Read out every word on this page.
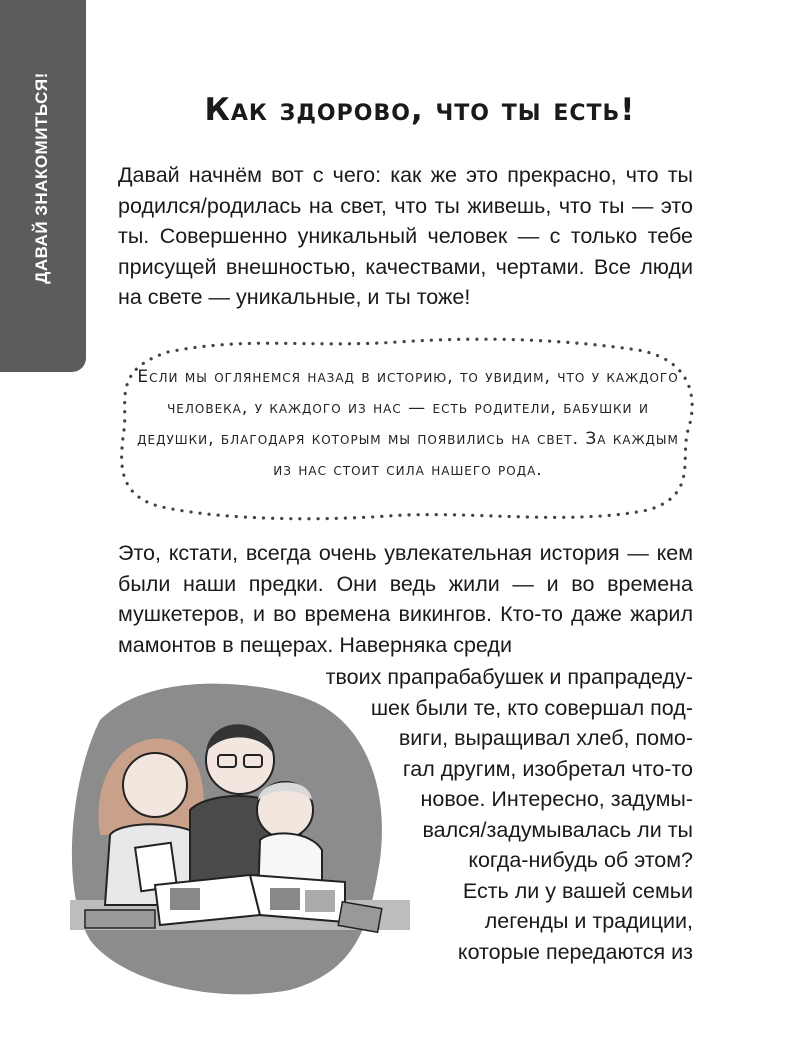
ДАВАЙ ЗНАКОМИТЬСЯ!	Как здорово, что ты есть!
Давай начнём вот с чего: как же это прекрасно, что ты родился/родилась на свет, что ты живешь, что ты — это ты. Совершенно уникальный человек — с только тебе присущей внешностью, качествами, чертами. Все люди на свете — уникальные, и ты тоже!
Если мы оглянемся назад в историю, то увидим, что у каждого человека, у каждого из нас — есть родители, бабушки и дедушки, благодаря которым мы появились на свет. За каждым из нас стоит сила нашего рода.
Это, кстати, всегда очень увлекательная история — кем были наши предки. Они ведь жили — и во времена мушкетеров, и во времена викингов. Кто-то даже жарил мамонтов в пещерах. Наверняка среди
твоих прапрабабушек и прапрадеду-
шек были те, кто совершал под-
виги, выращивал хлеб, помо-
гал другим, изобретал что-то
новое. Интересно, задумы-
вался/задумывалась ли ты
когда-нибудь об этом?
Есть ли у вашей семьи
легенды и традиции,
которые передаются из
